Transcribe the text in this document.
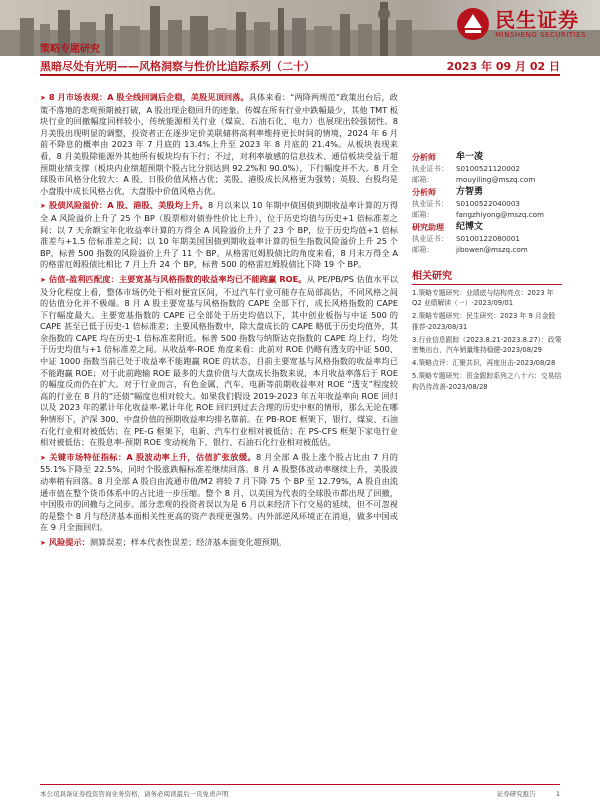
民生证券
MINSHENG SECURITIES
策略专题研究
黑暗尽处有光明——风格洞察与性价比追踪系列（二十）	2023 年 09 月 02 日

➤ 8 月市场表现：A 股全线回调后企稳，美股见顶回落。具体来看：“两降两规范”政策出台后，政策不落地的悲观预期被打破，A 股出现企稳回升的迹象。传媒在所有行业中跌幅最少，其他 TMT 板块行业的回撤幅度同样较小，传统能源相关行业（煤炭、石油石化、电力）也展现出较强韧性。8 月美股出现明显的调整，投资者正在逐步定价美联储将高利率维持更长时间的情境，2024 年 6 月前不降息的概率由 2023 年 7 月底的 13.4%上升至 2023 年 8 月底的 21.4%。从板块表现来看，8 月美股除能源外其他所有板块均有下行；不过，对利率敏感的信息技术、通信板块受益于超预期业绩支撑（板块内业绩超预期个股占比分别达到 92.2%和 90.0%），下行幅度并不大。8 月全球股市风格分化较大：A 股、日股价值风格占优；美股、港股成长风格更为强势；英股、台股均是小盘股中成长风格占优，大盘股中价值风格占优。

➤ 股债风险溢价：A 股、港股、美股均上升。8 月以来以 10 年期中债国债到期收益率计算的万得全 A 风险溢价上升了 25 个 BP（股票相对债券性价比上升），位于历史均值与历史+1 倍标准差之间；以 7 天余额宝年化收益率计算的万得全 A 风险溢价上升了 23 个 BP，位于历史均值+1 倍标准差与+1.5 倍标准差之间；以 10 年期美国国债到期收益率计算的恒生指数风险溢价上升 25 个 BP，标普 500 指数的风险溢价上升了 11 个 BP。从格雷厄姆股债比的角度来看，8 月末万得全 A 的格雷厄姆股债比相比 7 月上升 24 个 BP，标普 500 的格雷厄姆股债比下降 19 个 BP。

➤ 估值-盈利匹配度：主要宽基与风格指数的收益率均已不能跑赢 ROE。从 PE/PB/PS 估值水平以及分化程度上看，整体市场仍处于相对便宜区间，不过汽车行业可能存在局部高估，不同风格之间的估值分化并不极端。8 月 A 股主要宽基与风格指数的 CAPE 全部下行，成长风格指数的 CAPE 下行幅度最大。主要宽基指数的 CAPE 已全部处于历史均值以下，其中创业板指与中证 500 的 CAPE 甚至已低于历史-1 倍标准差；主要风格指数中，除大盘成长的 CAPE 略低于历史均值外，其余指数的 CAPE 均在历史-1 倍标准差附近。标普 500 指数与纳斯达克指数的 CAPE 均上行，均处于历史均值与+1 倍标准差之间。从收益率-ROE 角度来看：此前对 ROE 仍略有透支的中证 500、中证 1000 指数当前已处于收益率不能跑赢 ROE 的状态，目前主要宽基与风格指数的收益率均已不能跑赢 ROE；对于此前跑输 ROE 最多的大盘价值与大盘成长指数来说，本月收益率落后于 ROE 的幅度反而仍在扩大。对于行业而言，有色金属、汽车、电新等前期收益率对 ROE “透支”程度较高的行业在 8 月的“还债”幅度也相对较大。如果我们假设 2019-2023 年五年收益率向 ROE 回归以及 2023 年的累计年化收益率-累计年化 ROE 回归到过去合理的历史中枢的情形，那么无论在哪种情形下，沪深 300、中盘价值的预期收益率均排名靠前。在 PB-ROE 框架下，银行、煤炭、石油石化行业相对被低估；在 PE-G 框架下，电新、汽车行业相对被低估；在 PS-CFS 框架下家电行业相对被低估；在股息率-预期 ROE 变动视角下，银行、石油石化行业相对被低估。

➤ 关键市场特征指标：A 股波动率上升，估值扩张放缓。8 月全部 A 股上涨个股占比由 7 月的 55.1%下降至 22.5%，同时个股涨跌幅标准差继续回落。8 月 A 股整体波动率继续上升，美股波动率稍有回落。8 月全部 A 股自由流通市值/M2 将较 7 月下降 75 个 BP 至 12.79%，A 股自由流通市值在整个货币体系中的占比进一步压缩。整个 8 月，以美国为代表的全球股市都出现了回撤，中国股市的回撤与之同步。部分悲观的投资者误以为是 6 月以来经济下行交易的延续，但不可忽视的是整个 8 月与经济基本面相关性更高的资产表现更强势。内外部逆风环境正在消退，做多中国或在 9 月全面回归。

➤ 风险提示：测算误差；样本代表性误差；经济基本面变化超预期。

分析师	牟一凌
执业证书：	S0100521120002
邮箱：	mouyiling@mszq.com
分析师	方智勇
执业证书：	S0100522040003
邮箱：	fangzhiyong@mszq.com
研究助理	纪博文
执业证书：	S0100122080001
邮箱：	jibowen@mszq.com
相关研究
1.策略专题研究：业绩底与结构亮点：2023 年 Q2 业绩解读（一）-2023/09/01
2.策略专题研究：民生研究：2023 年 9 月金股推荐-2023/08/31
3.行业信息跟踪（2023.8.21-2023.8.27）：政策密集出台，汽车销量维持稳健-2023/08/29
4.策略点评：汇聚共识，再度出击-2023/08/28
5.策略专题研究：资金跟踪系列之八十六：交易结构仍待改善-2023/08/28
本公司具备证券投资咨询业务资格，请务必阅读最后一页免责声明	证券研究报告	1
